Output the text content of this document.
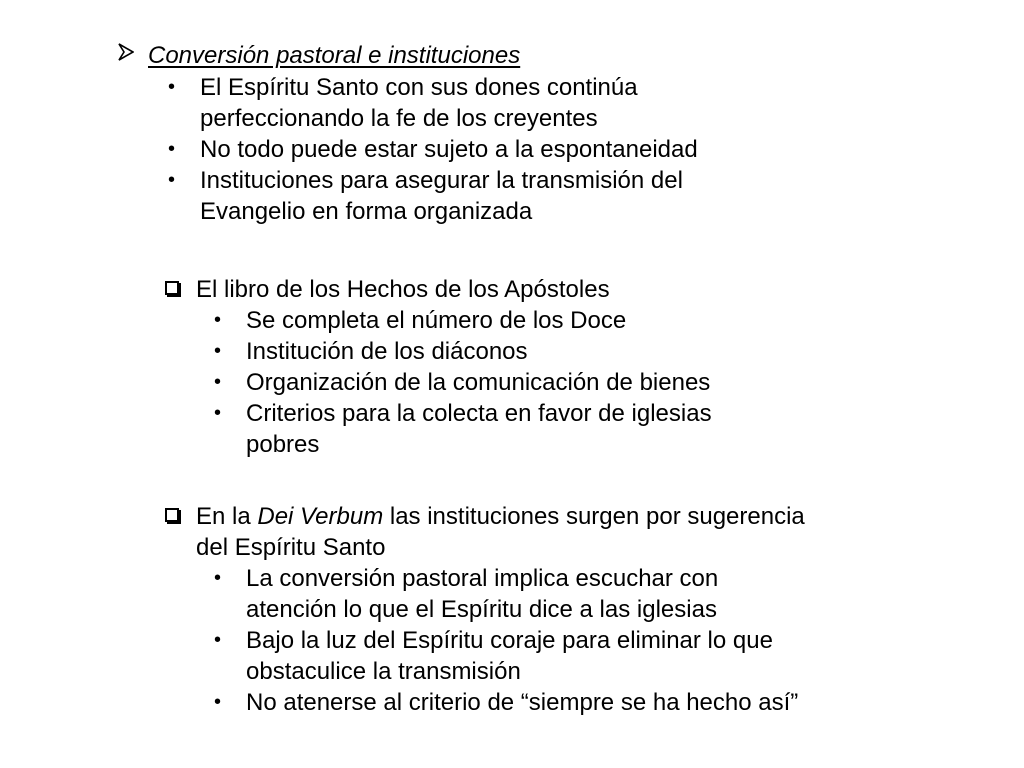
Conversión pastoral e instituciones
• El Espíritu Santo con sus dones continúa
perfeccionando la fe de los creyentes
• No todo puede estar sujeto a la espontaneidad
• Instituciones para asegurar la transmisión del
Evangelio en forma organizada
El libro de los Hechos de los Apóstoles
• Se completa el número de los Doce
• Institución de los diáconos
• Organización de la comunicación de bienes
• Criterios para la colecta en favor de iglesias
pobres
En la Dei Verbum las instituciones surgen por sugerencia
del Espíritu Santo
• La conversión pastoral implica escuchar con
atención lo que el Espíritu dice a las iglesias
• Bajo la luz del Espíritu coraje para eliminar lo que
obstaculice la transmisión
• No atenerse al criterio de “siempre se ha hecho así”
